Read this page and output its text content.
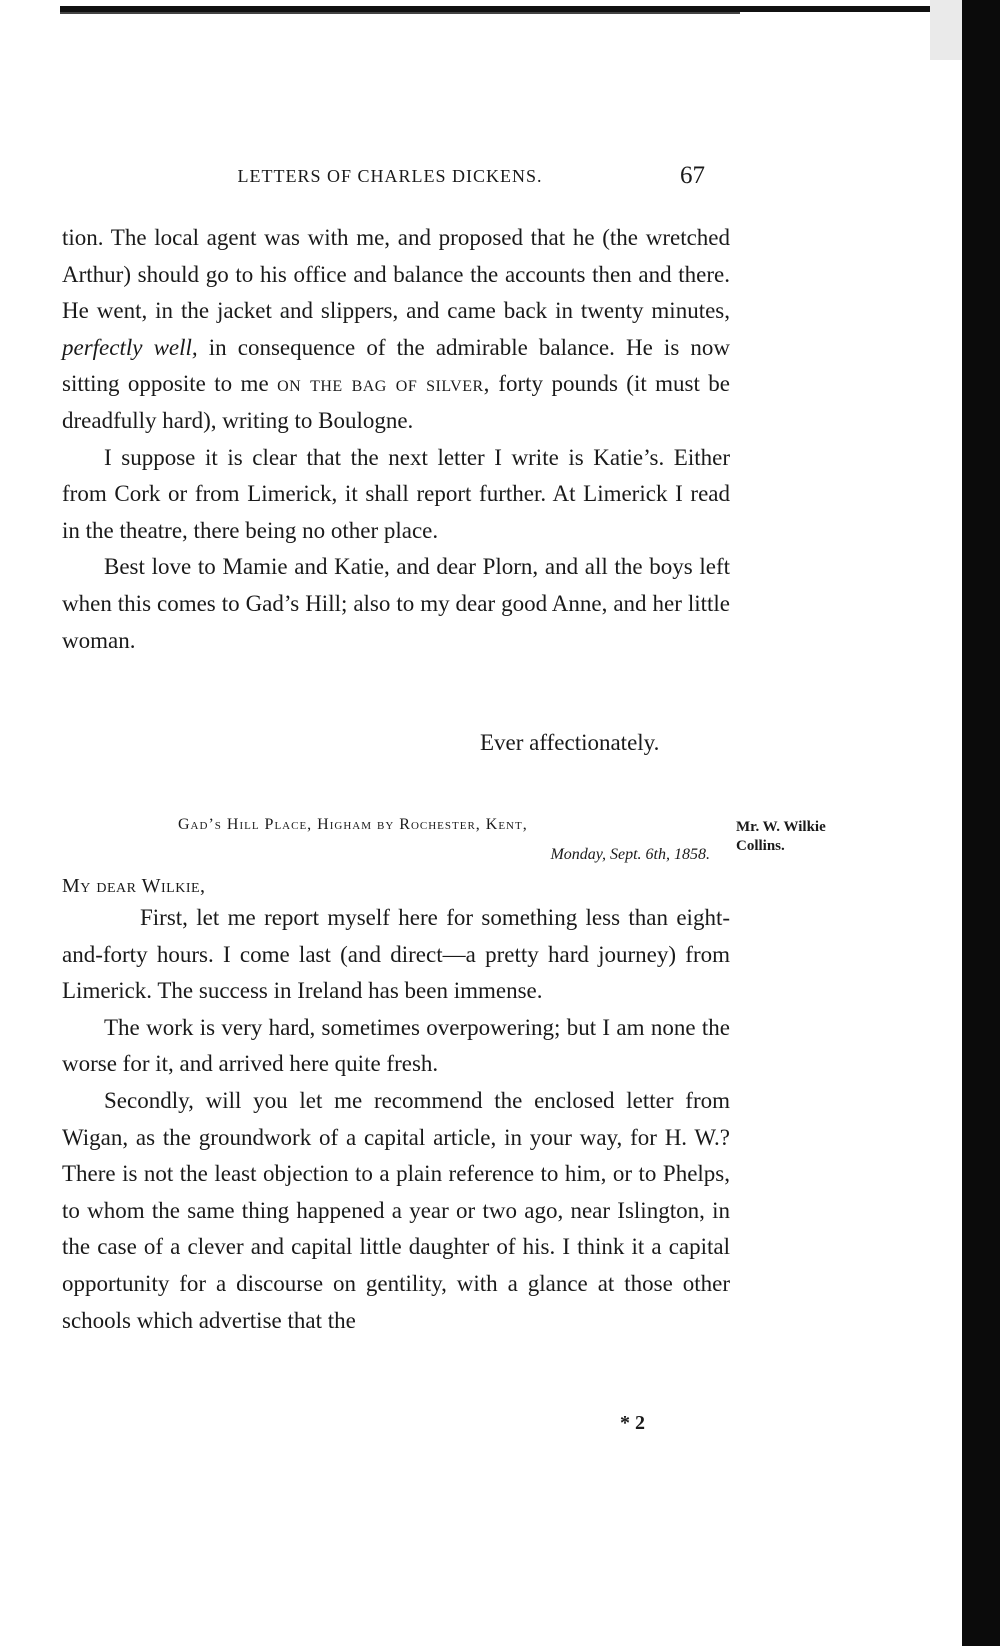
LETTERS OF CHARLES DICKENS.	67

tion. The local agent was with me, and proposed that he (the wretched Arthur) should go to his office and balance the accounts then and there. He went, in the jacket and slippers, and came back in twenty minutes, perfectly well, in consequence of the admirable balance. He is now sitting opposite to me on the bag of silver, forty pounds (it must be dreadfully hard), writing to Boulogne.

I suppose it is clear that the next letter I write is Katie’s. Either from Cork or from Limerick, it shall report further. At Limerick I read in the theatre, there being no other place.

Best love to Mamie and Katie, and dear Plorn, and all the boys left when this comes to Gad’s Hill; also to my dear good Anne, and her little woman.

Ever affectionately.
Gad’s Hill Place, Higham by Rochester, Kent,
Monday, Sept. 6th, 1858.
Mr. W. Wilkie Collins.
My dear Wilkie,

First, let me report myself here for something less than eight-and-forty hours. I come last (and direct—a pretty hard journey) from Limerick. The success in Ireland has been immense.

The work is very hard, sometimes overpowering; but I am none the worse for it, and arrived here quite fresh.

Secondly, will you let me recommend the enclosed letter from Wigan, as the groundwork of a capital article, in your way, for H. W.? There is not the least objection to a plain reference to him, or to Phelps, to whom the same thing happened a year or two ago, near Islington, in the case of a clever and capital little daughter of his. I think it a capital opportunity for a discourse on gentility, with a glance at those other schools which advertise that the

* 2
